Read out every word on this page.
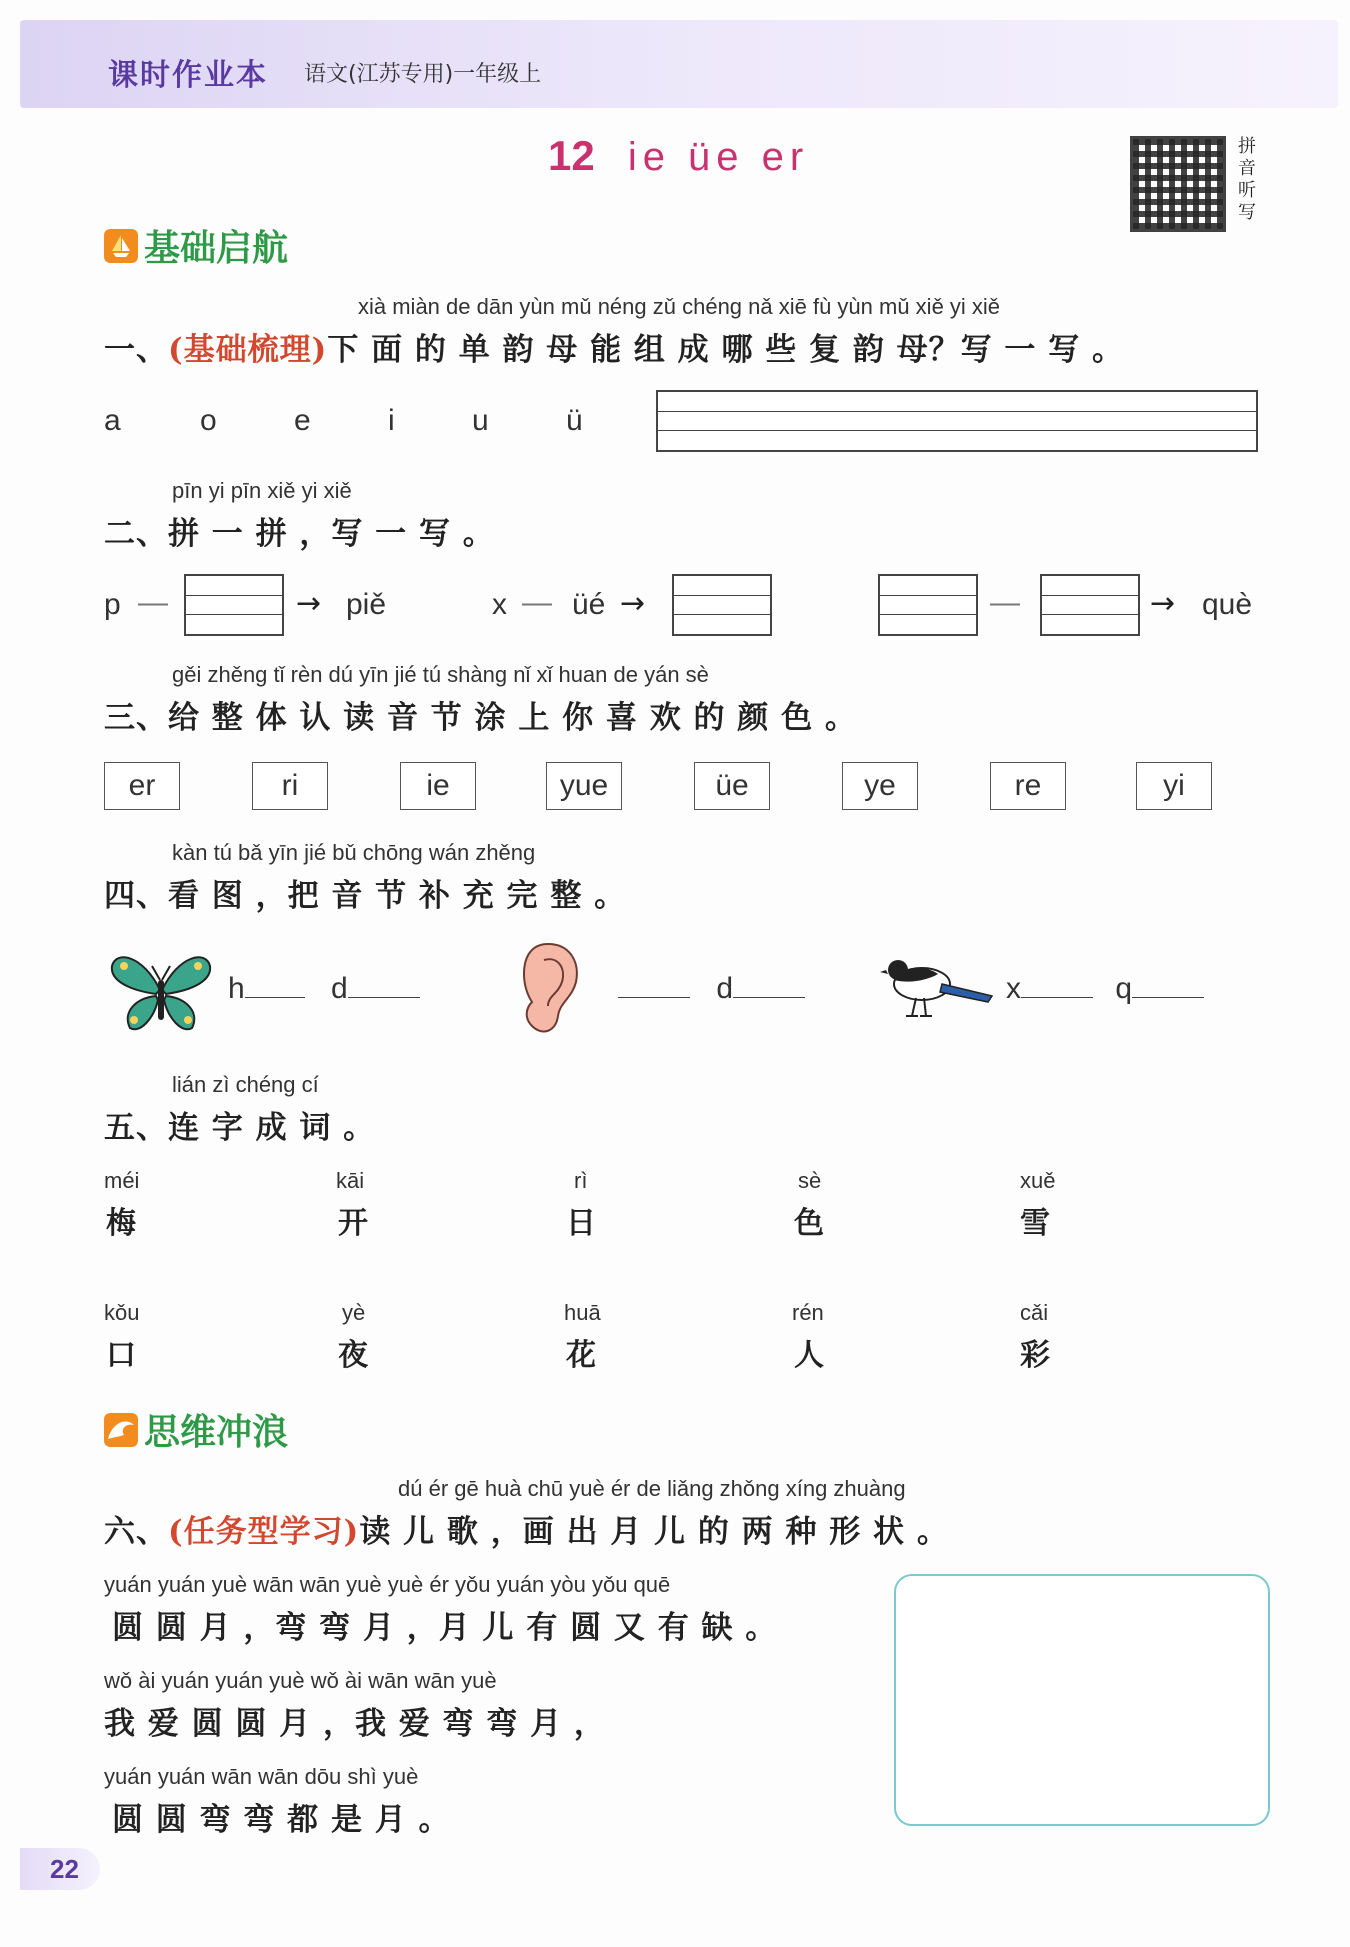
课时作业本 语文(江苏专用)一年级上
12 ie üe er	拼音听写
基础启航
xià miàn de dān yùn mǔ néng zǔ chéng nǎ xiē fù yùn mǔ xiě yi xiě
一、(基础梳理)下 面 的 单 韵 母 能 组 成 哪 些 复 韵 母？写 一 写 。
a	o	e	i	u	ü
pīn yi pīn xiě yi xiě
二、拼 一 拼 ，写 一 写 。
p —	→ piě	x — üé →	—	→ què
gěi zhěng tǐ rèn dú yīn jié tú shàng nǐ xǐ huan de yán sè
三、给 整 体 认 读 音 节 涂 上 你 喜 欢 的 颜 色 。
er	ri	ie	yue	üe	ye	re	yi
kàn tú bǎ yīn jié bǔ chōng wán zhěng
四、看 图 ，把 音 节 补 充 完 整 。
h	d	d	x	q
lián zì chéng cí
五、连 字 成 词 。
méi
梅
kāi
开
rì
日
sè
色
xuě
雪
kǒu
口
yè
夜
huā
花
rén
人
cǎi
彩
思维冲浪
dú ér gē huà chū yuè ér de liǎng zhǒng xíng zhuàng
六、(任务型学习)读 儿 歌 ，画 出 月 儿 的 两 种 形 状 。
yuán yuán yuè wān wān yuè yuè ér yǒu yuán yòu yǒu quē
圆 圆 月 ，弯 弯 月 ，月 儿 有 圆 又 有 缺 。
wǒ ài yuán yuán yuè wǒ ài wān wān yuè
我 爱 圆 圆 月 ，我 爱 弯 弯 月 ，
yuán yuán wān wān dōu shì yuè
圆 圆 弯 弯 都 是 月 。
22
